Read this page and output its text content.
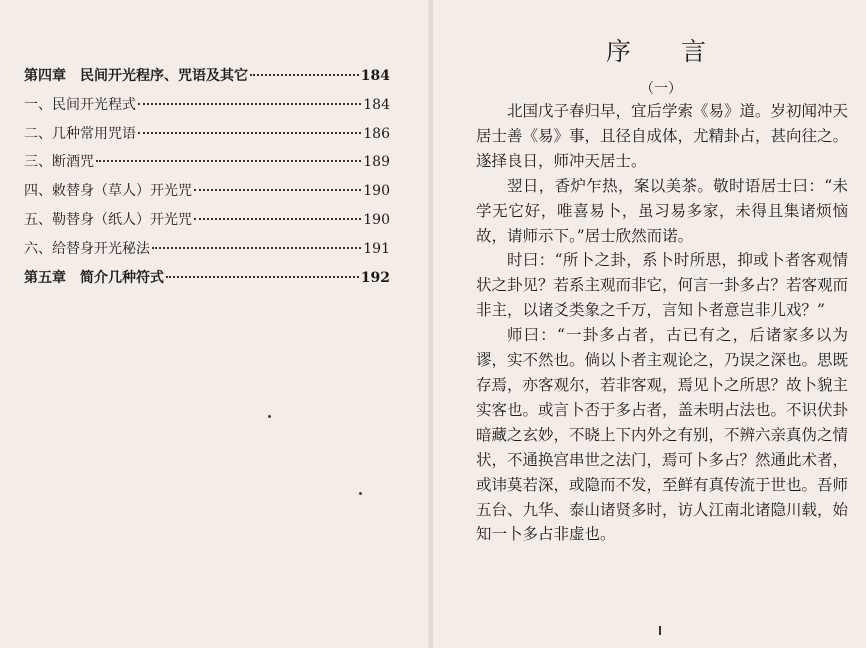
第四章　民间开光程序、咒语及其它	184
一、民间开光程式	184
二、几种常用咒语	186
三、断酒咒	189
四、敕替身（草人）开光咒	190
五、勒替身（纸人）开光咒	190
六、给替身开光秘法	191
第五章　简介几种符式	192
序言
（一）

北国戊子春归早，宜后学索《易》道。岁初闻冲天居士善《易》事，且径自成体，尤精卦占，甚向往之。遂择良日，师冲天居士。

翌日，香炉乍热，案以美茶。敬时语居士曰：“未学无它好，唯喜易卜，虽习易多家，未得且集诸烦恼故，请师示下。”居士欣然而诺。

时曰：“所卜之卦，系卜时所思，抑或卜者客观情状之卦见？若系主观而非它，何言一卦多占？若客观而非主，以诸爻类象之千万，言知卜者意岂非儿戏？”

师曰：“一卦多占者，古已有之，后诸家多以为谬，实不然也。倘以卜者主观论之，乃误之深也。思既存焉，亦客观尔，若非客观，焉见卜之所思？故卜貌主实客也。或言卜否于多占者，盖未明占法也。不识伏卦暗藏之玄妙，不晓上下内外之有别，不辨六亲真伪之情状，不通换宫串世之法门，焉可卜多占？然通此术者，或讳莫若深，或隐而不发，至鲜有真传流于世也。吾师五台、九华、泰山诸贤多时，访人江南北诸隐川载，始知一卜多占非虚也。
